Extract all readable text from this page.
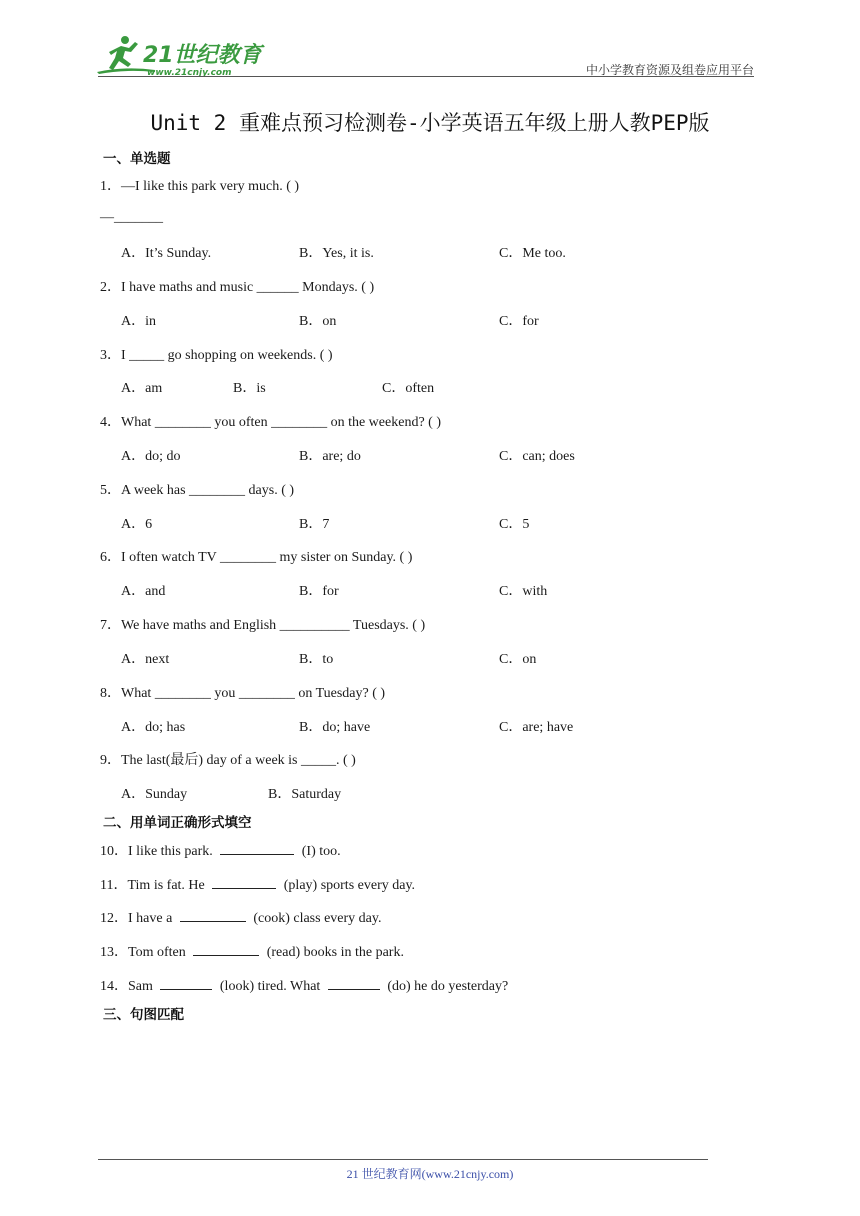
21世纪教育
www.21cnjy.com	中小学教育资源及组卷应用平台
Unit 2 重难点预习检测卷-小学英语五年级上册人教PEP版
一、单选题
1．—I like this park very much. ( )
—_______
A．It’s Sunday.	B．Yes, it is.	C．Me too.
2．I have maths and music ______ Mondays. ( )
A．in	B．on	C．for
3．I _____ go shopping on weekends. ( )
A．am	B．is	C．often
4．What ________ you often ________ on the weekend? ( )
A．do; do	B．are; do	C．can; does
5．A week has ________ days. ( )
A．6	B．7	C．5
6．I often watch TV ________ my sister on Sunday. ( )
A．and	B．for	C．with
7．We have maths and English __________ Tuesdays. ( )
A．next	B．to	C．on
8．What ________ you ________ on Tuesday? ( )
A．do; has	B．do; have	C．are; have
9．The last(最后) day of a week is _____. ( )
A．Sunday	B．Saturday
二、用单词正确形式填空
10．I like this park.	(I) too.
11．Tim is fat. He	(play) sports every day.
12．I have a	(cook) class every day.
13．Tom often	(read) books in the park.
14．Sam	(look) tired. What	(do) he do yesterday?
三、句图匹配
21 世纪教育网(www.21cnjy.com)
